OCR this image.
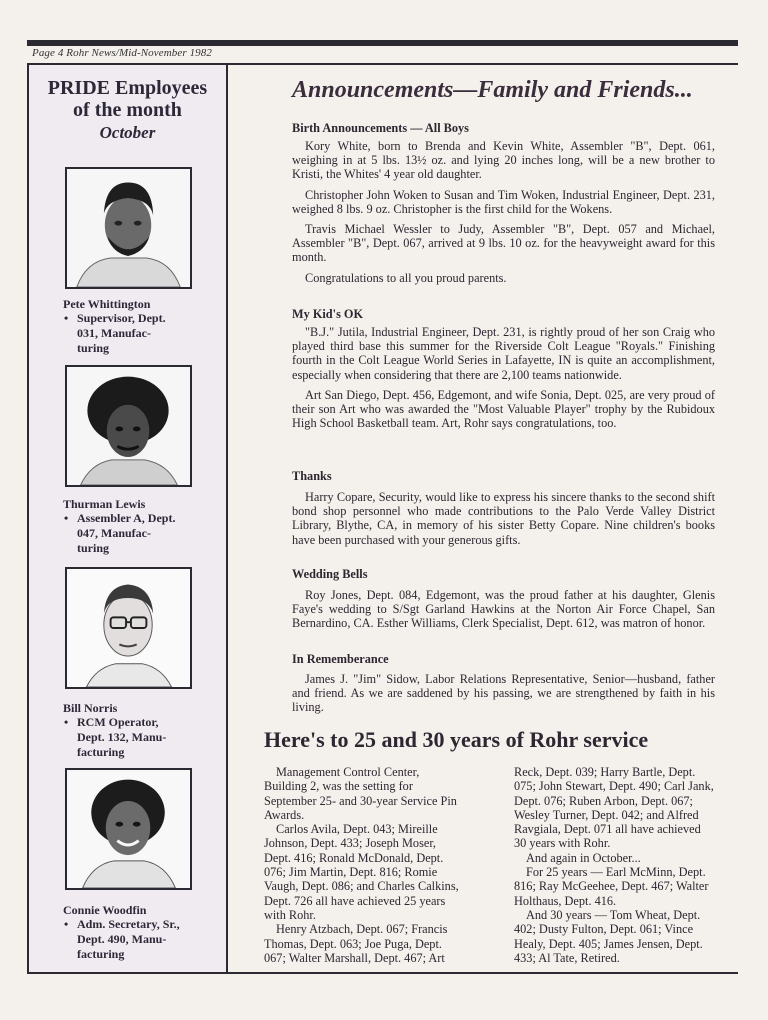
Page 4 Rohr News/Mid-November 1982
PRIDE Employees
of the month
October
Pete Whittington
• Supervisor, Dept.
031, Manufac-
turing
Thurman Lewis
• Assembler A, Dept.
047, Manufac-
turing
Bill Norris
• RCM Operator,
Dept. 132, Manu-
facturing
Connie Woodfin
• Adm. Secretary, Sr.,
Dept. 490, Manu-
facturing
Announcements—Family and Friends...
Birth Announcements — All Boys

Kory White, born to Brenda and Kevin White, Assembler "B", Dept. 061, weighing in at 5 lbs. 13½ oz. and lying 20 inches long, will be a new brother to Kristi, the Whites' 4 year old daughter.

Christopher John Woken to Susan and Tim Woken, Industrial Engineer, Dept. 231, weighed 8 lbs. 9 oz. Christopher is the first child for the Wokens.

Travis Michael Wessler to Judy, Assembler "B", Dept. 057 and Michael, Assembler "B", Dept. 067, arrived at 9 lbs. 10 oz. for the heavyweight award for this month.

Congratulations to all you proud parents.

My Kid's OK

"B.J." Jutila, Industrial Engineer, Dept. 231, is rightly proud of her son Craig who played third base this summer for the Riverside Colt League "Royals." Finishing fourth in the Colt League World Series in Lafayette, IN is quite an accomplishment, especially when considering that there are 2,100 teams nationwide.

Art San Diego, Dept. 456, Edgemont, and wife Sonia, Dept. 025, are very proud of their son Art who was awarded the "Most Valuable Player" trophy by the Rubidoux High School Basketball team. Art, Rohr says congratulations, too.

Thanks

Harry Copare, Security, would like to express his sincere thanks to the second shift bond shop personnel who made contributions to the Palo Verde Valley District Library, Blythe, CA, in memory of his sister Betty Copare. Nine children's books have been purchased with your generous gifts.

Wedding Bells

Roy Jones, Dept. 084, Edgemont, was the proud father at his daughter, Glenis Faye's wedding to S/Sgt Garland Hawkins at the Norton Air Force Chapel, San Bernardino, CA. Esther Williams, Clerk Specialist, Dept. 612, was matron of honor.

In Rememberance

James J. "Jim" Sidow, Labor Relations Representative, Senior—husband, father and friend. As we are saddened by his passing, we are strengthened by faith in his living.

Here's to 25 and 30 years of Rohr service

Management Control Center, Building 2, was the setting for September 25- and 30-year Service Pin Awards.

Carlos Avila, Dept. 043; Mireille Johnson, Dept. 433; Joseph Moser, Dept. 416; Ronald McDonald, Dept. 076; Jim Martin, Dept. 816; Romie Vaugh, Dept. 086; and Charles Calkins, Dept. 726 all have achieved 25 years with Rohr.

Henry Atzbach, Dept. 067; Francis Thomas, Dept. 063; Joe Puga, Dept. 067; Walter Marshall, Dept. 467; Art

Reck, Dept. 039; Harry Bartle, Dept. 075; John Stewart, Dept. 490; Carl Jank, Dept. 076; Ruben Arbon, Dept. 067; Wesley Turner, Dept. 042; and Alfred Ravgiala, Dept. 071 all have achieved 30 years with Rohr.

And again in October...

For 25 years — Earl McMinn, Dept. 816; Ray McGeehee, Dept. 467; Walter Holthaus, Dept. 416.

And 30 years — Tom Wheat, Dept. 402; Dusty Fulton, Dept. 061; Vince Healy, Dept. 405; James Jensen, Dept. 433; Al Tate, Retired.
